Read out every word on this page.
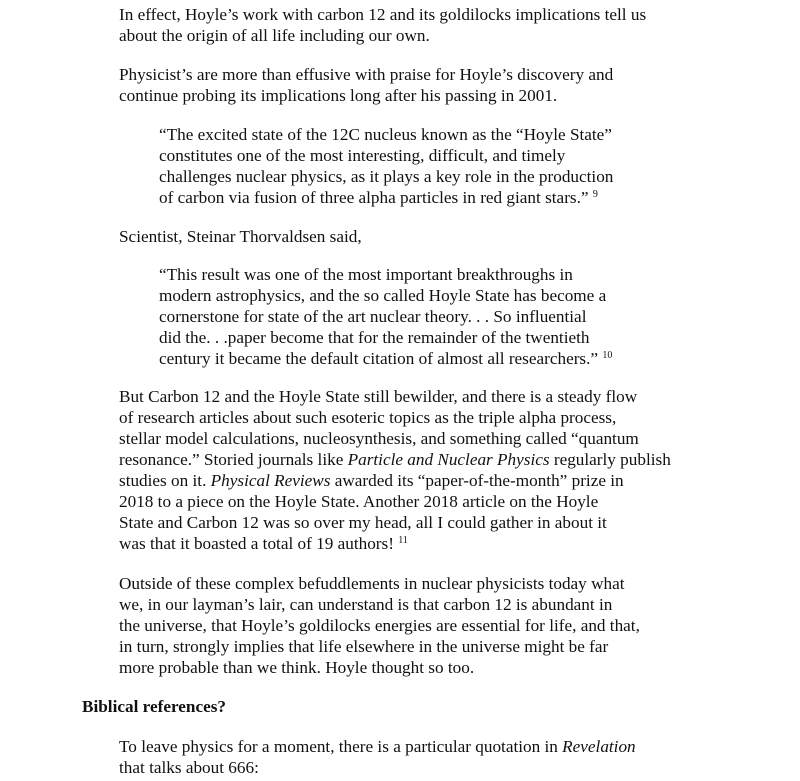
In effect, Hoyle’s work with carbon 12 and its goldilocks implications tell us
about the origin of all life including our own.

Physicist’s are more than effusive with praise for Hoyle’s discovery and
continue probing its implications long after his passing in 2001.

“The excited state of the 12C nucleus known as the “Hoyle State”
constitutes one of the most interesting, difficult, and timely
challenges nuclear physics, as it plays a key role in the production
of carbon via fusion of three alpha particles in red giant stars.” $^9$

Scientist, Steinar Thorvaldsen said,

“This result was one of the most important breakthroughs in
modern astrophysics, and the so called Hoyle State has become a
cornerstone for state of the art nuclear theory. . . So influential
did the. . .paper become that for the remainder of the twentieth
century it became the default citation of almost all researchers.” $^{10}$

But Carbon 12 and the Hoyle State still bewilder, and there is a steady flow
of research articles about such esoteric topics as the triple alpha process,
stellar model calculations, nucleosynthesis, and something called “quantum
resonance.” Storied journals like Particle and Nuclear Physics regularly publish
studies on it. Physical Reviews awarded its “paper-of-the-month” prize in
2018 to a piece on the Hoyle State. Another 2018 article on the Hoyle
State and Carbon 12 was so over my head, all I could gather in about it
was that it boasted a total of 19 authors! $^{11}$

Outside of these complex befuddlements in nuclear physicists today what
we, in our layman’s lair, can understand is that carbon 12 is abundant in
the universe, that Hoyle’s goldilocks energies are essential for life, and that,
in turn, strongly implies that life elsewhere in the universe might be far
more probable than we think. Hoyle thought so too.

Biblical references?

To leave physics for a moment, there is a particular quotation in Revelation
that talks about 666:
